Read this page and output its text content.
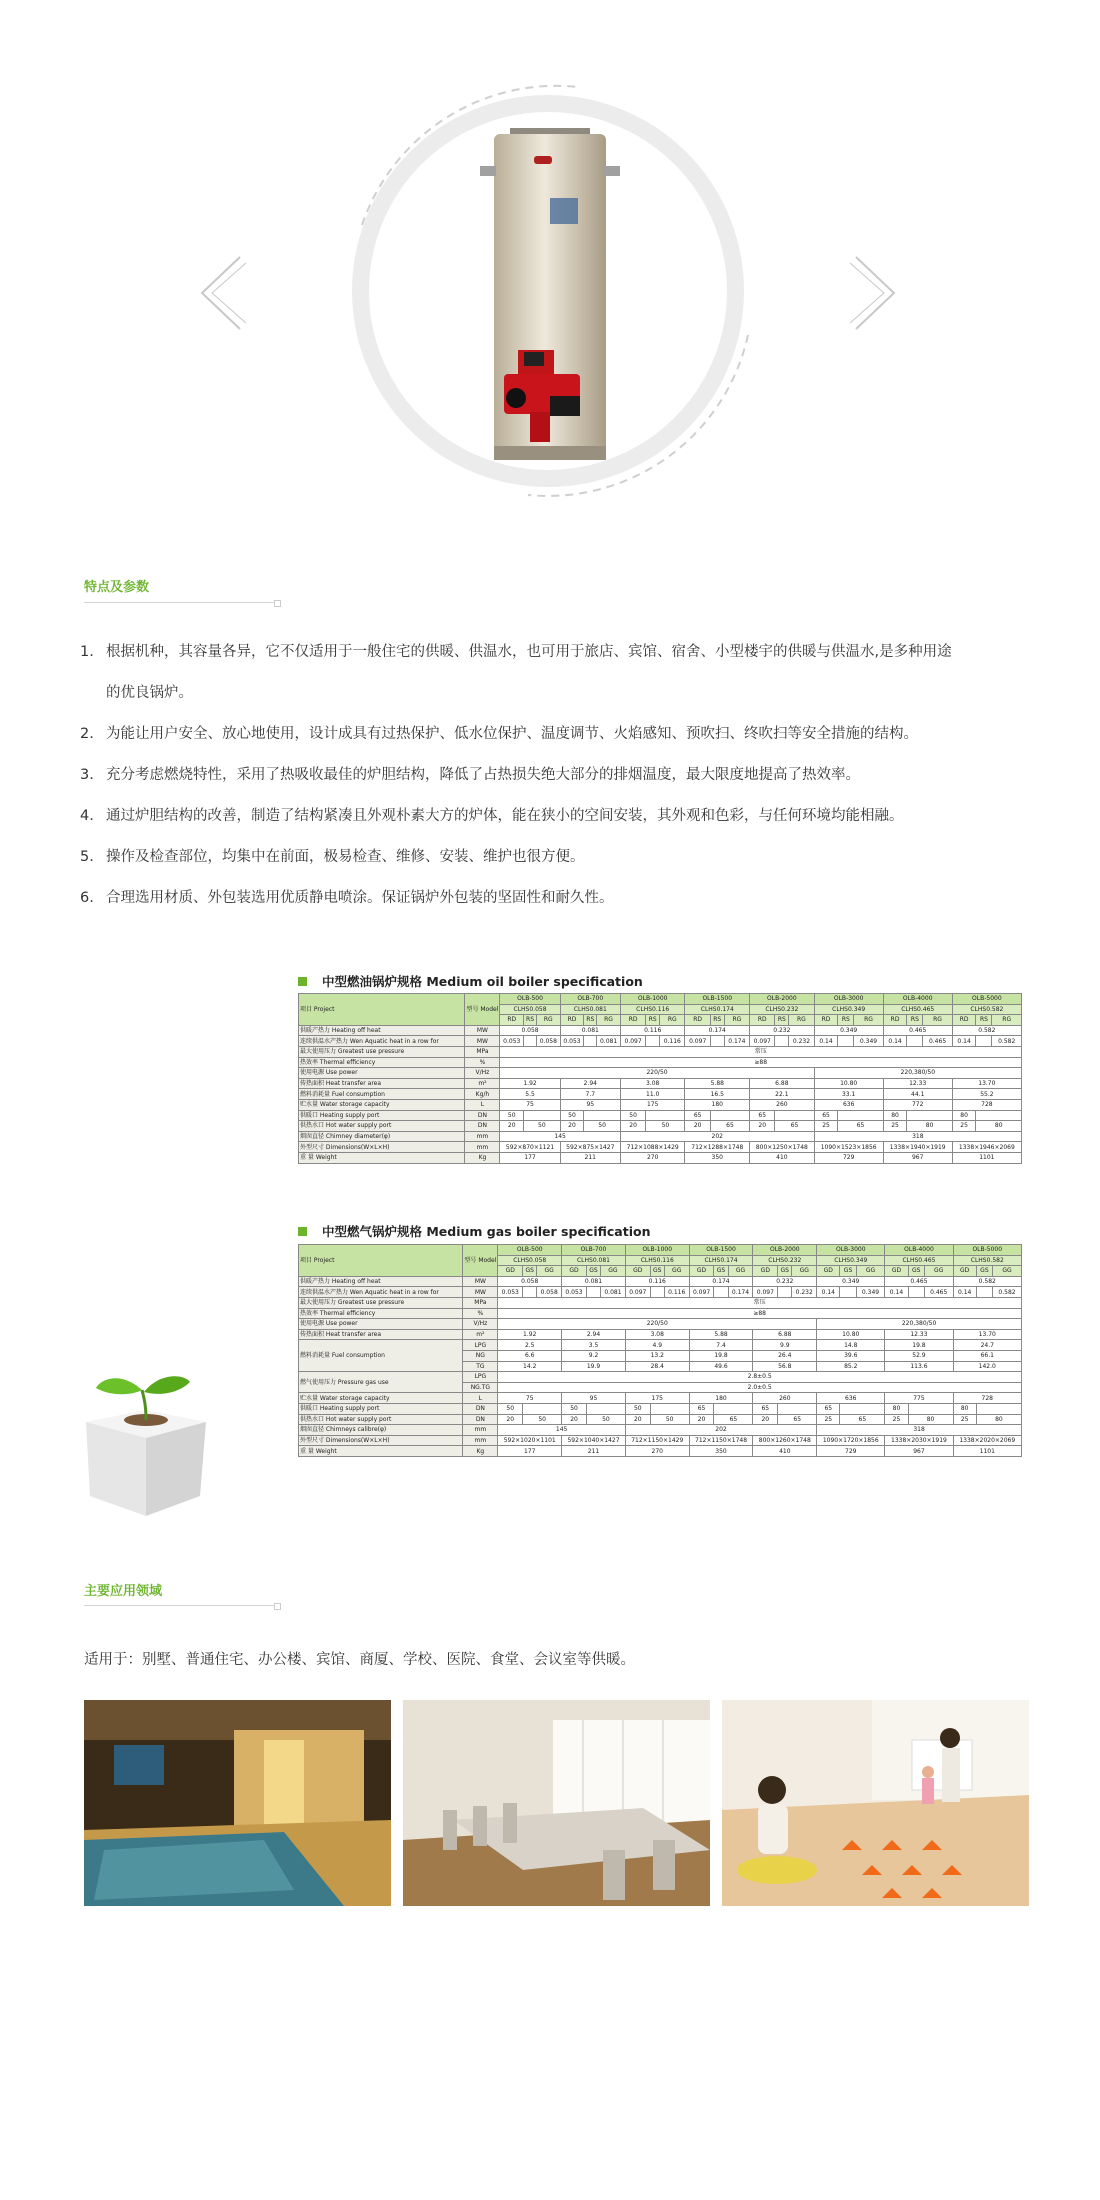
特点及参数
1. 根据机种，其容量各异，它不仅适用于一般住宅的供暖、供温水，也可用于旅店、宾馆、宿舍、小型楼宇的供暖与供温水,是多种用途
的优良锅炉。
2. 为能让用户安全、放心地使用，设计成具有过热保护、低水位保护、温度调节、火焰感知、预吹扫、终吹扫等安全措施的结构。
3. 充分考虑燃烧特性，采用了热吸收最佳的炉胆结构，降低了占热损失绝大部分的排烟温度，最大限度地提高了热效率。
4. 通过炉胆结构的改善，制造了结构紧凑且外观朴素大方的炉体，能在狭小的空间安装，其外观和色彩，与任何环境均能相融。
5. 操作及检查部位，均集中在前面，极易检查、维修、安装、维护也很方便。
6. 合理选用材质、外包装选用优质静电喷涂。保证锅炉外包装的坚固性和耐久性。
中型燃油锅炉规格 Medium oil boiler specification
项目 Project	型号 Model	OLB-500			OLB-700			OLB-1000			OLB-1500			OLB-2000			OLB-3000			OLB-4000			OLB-5000		
		CLHS0.058			CLHS0.081			CLHS0.116			CLHS0.174			CLHS0.232			CLHS0.349			CLHS0.465			CLHS0.582		
		RD	RS	RG	RD	RS	RG	RD	RS	RG	RD	RS	RG	RD	RS	RG	RD	RS	RG	RD	RS	RG	RD	RS	RG
供暖产热力 Heating off heat	MW	0.058			0.081			0.116			0.174			0.232			0.349			0.465			0.582		
连续供温水产热力 Wen Aquatic heat in a row for	MW	0.053		0.058	0.053		0.081	0.097		0.116	0.097		0.174	0.097		0.232	0.14		0.349	0.14		0.465	0.14		0.582
最大使用压力 Greatest use pressure	MPa	常压																							
热效率 Thermal efficiency	%	≥88																							
使用电源 Use power	V/Hz	220/50															220,380/50								
传热面积 Heat transfer area	m²	1.92			2.94			3.08			5.88			6.88			10.80			12.33			13.70		
燃料消耗量 Fuel consumption	Kg/h	5.5			7.7			11.0			16.5			22.1			33.1			44.1			55.2		
贮水量 Water storage capacity	L	75			95			175			180			260			636			772			728		
供暖口 Heating supply port	DN	50			50			50			65			65			65			80			80		
供热水口 Hot water supply port	DN	20	50		20	50		20	50		20	65		20	65		25	65		25	80		25	80	
烟囱直径 Chimney diameter(φ)	mm	145						202									318								
外型尺寸 Dimensions(W×L×H)	mm	592×870×1121			592×875×1427			712×1088×1429			712×1288×1748			800×1250×1748			1090×1523×1856			1338×1940×1919			1338×1946×2069		
重 量 Weight	Kg	177			211			270			350			410			729			967			1101		
中型燃气锅炉规格 Medium gas boiler specification
项目 Project	型号 Model	OLB-500			OLB-700			OLB-1000			OLB-1500			OLB-2000			OLB-3000			OLB-4000			OLB-5000		
		CLHS0.058			CLHS0.081			CLHS0.116			CLHS0.174			CLHS0.232			CLHS0.349			CLHS0.465			CLHS0.582		
		GD	GS	GG	GD	GS	GG	GD	GS	GG	GD	GS	GG	GD	GS	GG	GD	GS	GG	GD	GS	GG	GD	GS	GG
供暖产热力 Heating off heat	MW	0.058			0.081			0.116			0.174			0.232			0.349			0.465			0.582		
连续供温水产热力 Wen Aquatic heat in a row for	MW	0.053		0.058	0.053		0.081	0.097		0.116	0.097		0.174	0.097		0.232	0.14		0.349	0.14		0.465	0.14		0.582
最大使用压力 Greatest use pressure	MPa	常压																							
热效率 Thermal efficiency	%	≥88																							
使用电源 Use power	V/Hz	220/50															220,380/50								
传热面积 Heat transfer area	m²	1.92			2.94			3.08			5.88			6.88			10.80			12.33			13.70		
燃料消耗量 Fuel consumption	LPG	2.5			3.5			4.9			7.4			9.9			14.8			19.8			24.7		
	NG	6.6			9.2			13.2			19.8			26.4			39.6			52.9			66.1		
	TG	14.2			19.9			28.4			49.6			56.8			85.2			113.6			142.0		
燃气使用压力 Pressure gas use	LPG	2.8±0.5																							
	NG.TG	2.0±0.5																							
贮水量 Water storage capacity	L	75			95			175			180			260			636			775			728		
供暖口 Heating supply port	DN	50			50			50			65			65			65			80			80		
供热水口 Hot water supply port	DN	20	50		20	50		20	50		20	65		20	65		25	65		25	80		25	80	
烟囱直径 Chimneys calibre(φ)	mm	145						202									318								
外型尺寸 Dimensions(W×L×H)	mm	592×1020×1101			592×1040×1427			712×1150×1429			712×1150×1748			800×1260×1748			1090×1720×1856			1338×2030×1919			1338×2020×2069		
重 量 Weight	Kg	177			211			270			350			410			729			967			1101		
主要应用领域
适用于：别墅、普通住宅、办公楼、宾馆、商厦、学校、医院、食堂、会议室等供暖。
